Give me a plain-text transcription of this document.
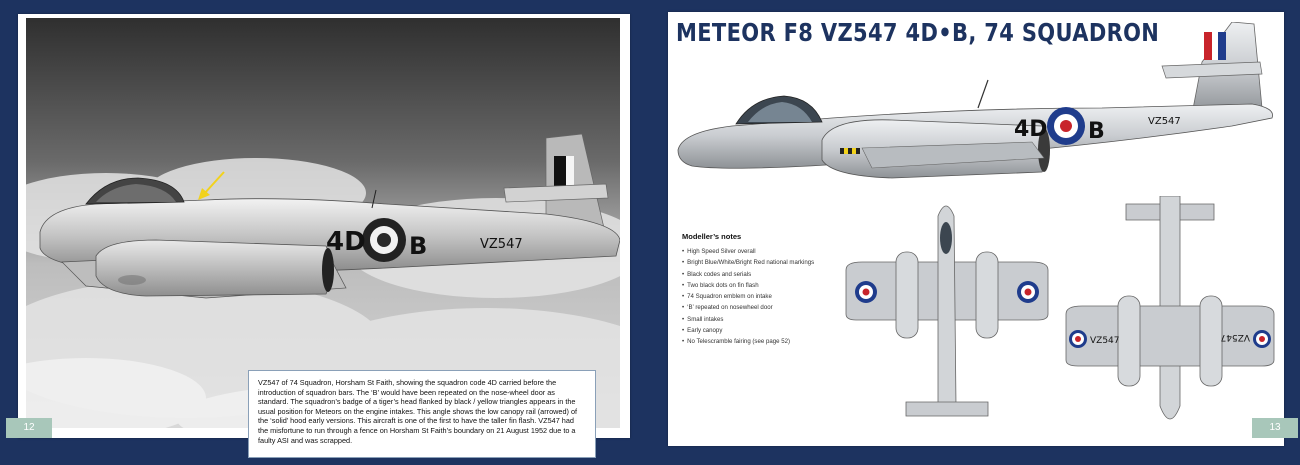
4D B	VZ547
VZ547 of 74 Squadron, Horsham St Faith, showing the squadron code 4D carried before the introduction of squadron bars. The ‘B’ would have been repeated on the nose-wheel door as standard. The squadron’s badge of a tiger’s head flanked by black / yellow triangles appears in the usual position for Meteors on the engine intakes. This angle shows the low canopy rail (arrowed) of the ‘solid’ hood early versions. This aircraft is one of the first to have the taller fin flash. VZ547 had the misfortune to run through a fence on Horsham St Faith’s boundary on 21 August 1952 due to a faulty ASI and was scrapped.
12
METEOR F8 VZ547 4D•B, 74 SQUADRON
4D B	VZ547
Modeller’s notes
• High Speed Silver overall
• Bright Blue/White/Bright Red national markings
• Black codes and serials
• Two black dots on fin flash
• 74 Squadron emblem on intake
• ‘B’ repeated on nosewheel door
• Small intakes
• Early canopy
• No Telescramble fairing (see page 52)	VZ547	VZ547
13
